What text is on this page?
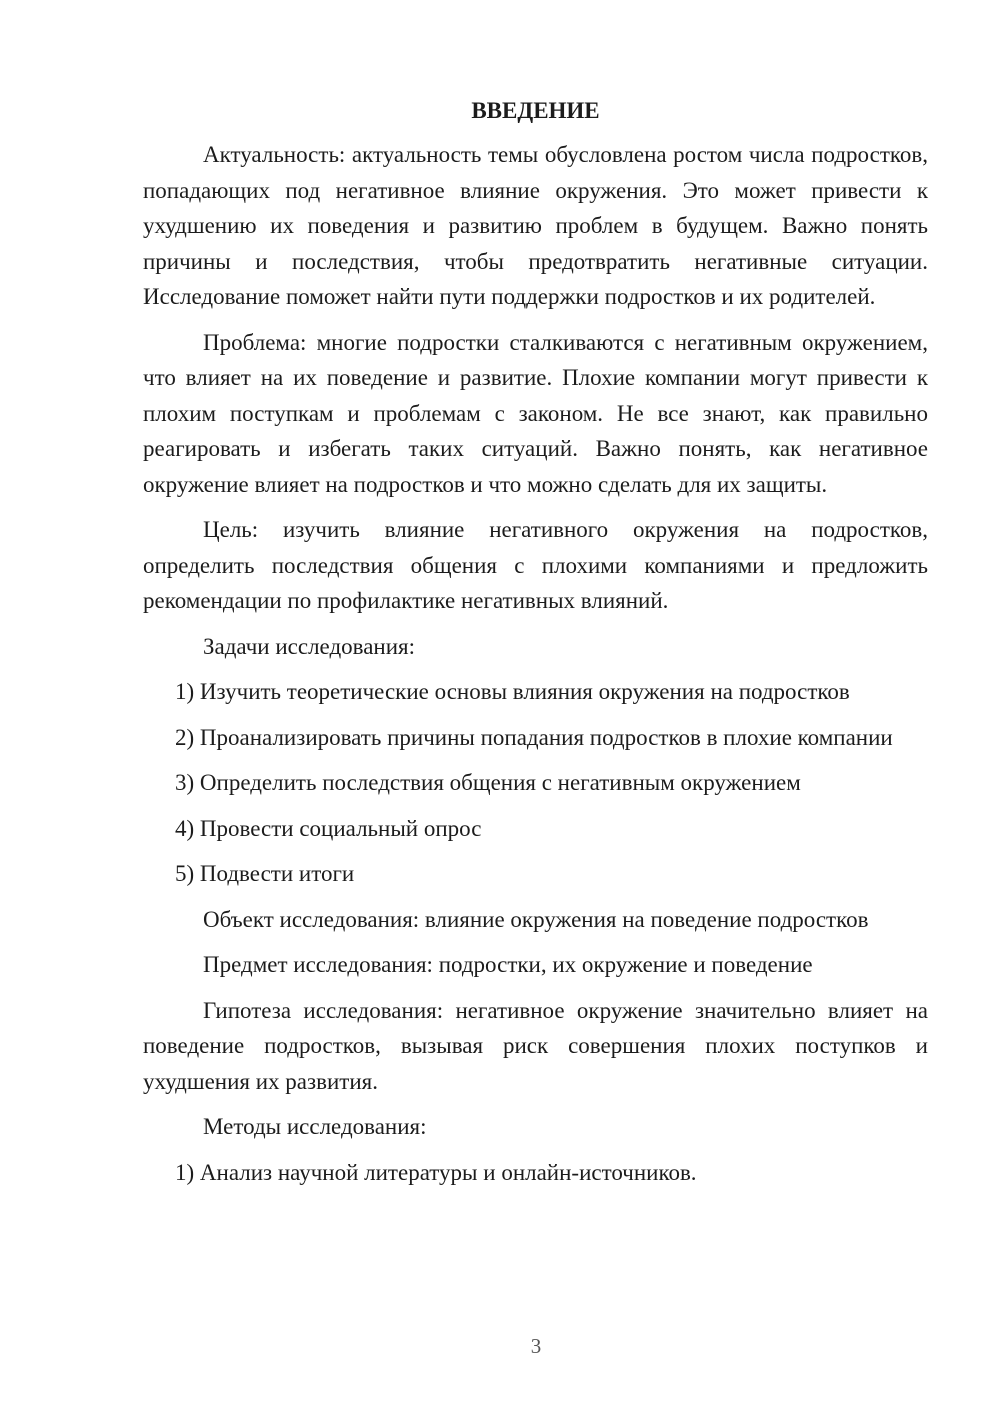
ВВЕДЕНИЕ

Актуальность: актуальность темы обусловлена ростом числа подростков, попадающих под негативное влияние окружения. Это может привести к ухудшению их поведения и развитию проблем в будущем. Важно понять причины и последствия, чтобы предотвратить негативные ситуации. Исследование поможет найти пути поддержки подростков и их родителей.

Проблема: многие подростки сталкиваются с негативным окружением, что влияет на их поведение и развитие. Плохие компании могут привести к плохим поступкам и проблемам с законом. Не все знают, как правильно реагировать и избегать таких ситуаций. Важно понять, как негативное окружение влияет на подростков и что можно сделать для их защиты.

Цель: изучить влияние негативного окружения на подростков, определить последствия общения с плохими компаниями и предложить рекомендации по профилактике негативных влияний.

Задачи исследования:

1) Изучить теоретические основы влияния окружения на подростков

2) Проанализировать причины попадания подростков в плохие компании

3) Определить последствия общения с негативным окружением

4) Провести социальный опрос

5) Подвести итоги

Объект исследования: влияние окружения на поведение подростков

Предмет исследования: подростки, их окружение и поведение

Гипотеза исследования: негативное окружение значительно влияет на поведение подростков, вызывая риск совершения плохих поступков и ухудшения их развития.

Методы исследования:

1) Анализ научной литературы и онлайн-источников.

3
